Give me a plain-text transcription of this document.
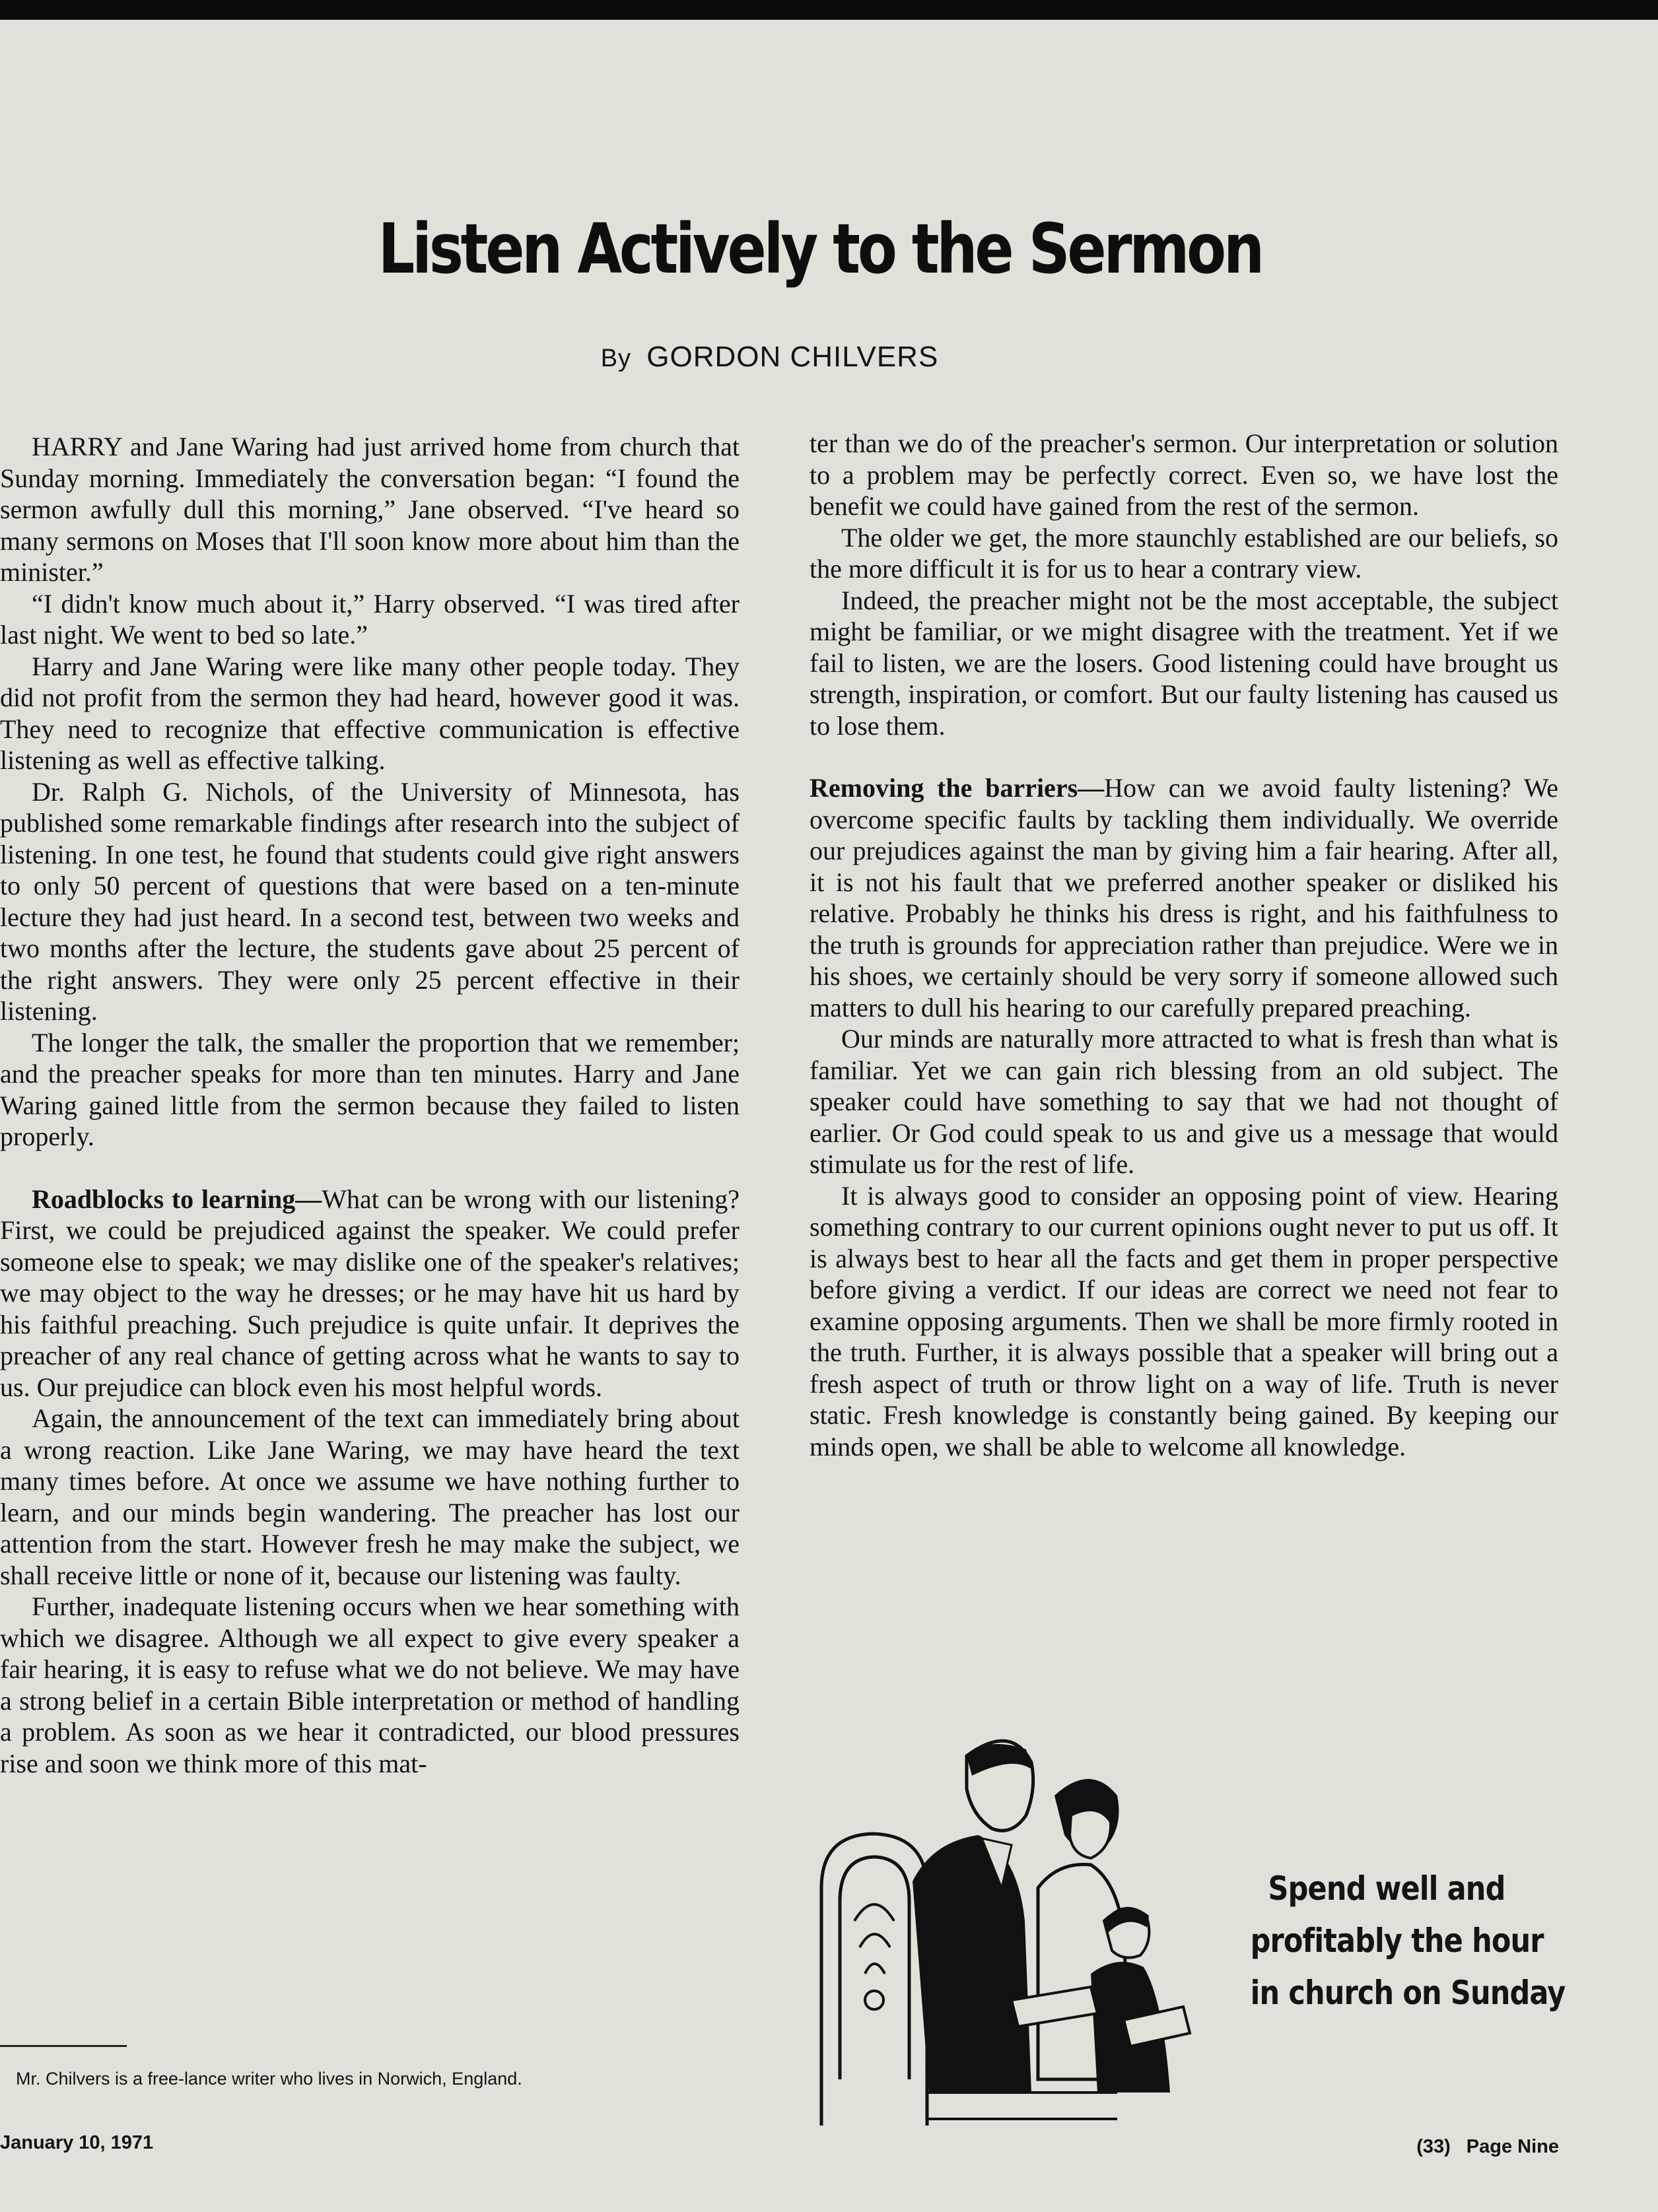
Listen Actively to the Sermon
By GORDON CHILVERS

HARRY and Jane Waring had just arrived home from church that Sunday morning. Immediately the conversation began: “I found the sermon awfully dull this morning,” Jane observed. “I've heard so many sermons on Moses that I'll soon know more about him than the minister.”

“I didn't know much about it,” Harry observed. “I was tired after last night. We went to bed so late.”

Harry and Jane Waring were like many other people today. They did not profit from the sermon they had heard, however good it was. They need to recognize that effective communication is effective listening as well as effective talking.

Dr. Ralph G. Nichols, of the University of Minnesota, has published some remarkable findings after research into the subject of listening. In one test, he found that students could give right answers to only 50 percent of questions that were based on a ten-minute lecture they had just heard. In a second test, between two weeks and two months after the lecture, the students gave about 25 percent of the right answers. They were only 25 percent effective in their listening.

The longer the talk, the smaller the proportion that we remember; and the preacher speaks for more than ten minutes. Harry and Jane Waring gained little from the sermon because they failed to listen properly.

Roadblocks to learning—What can be wrong with our listening? First, we could be prejudiced against the speaker. We could prefer someone else to speak; we may dislike one of the speaker's relatives; we may object to the way he dresses; or he may have hit us hard by his faithful preaching. Such prejudice is quite unfair. It deprives the preacher of any real chance of getting across what he wants to say to us. Our prejudice can block even his most helpful words.

Again, the announcement of the text can immediately bring about a wrong reaction. Like Jane Waring, we may have heard the text many times before. At once we assume we have nothing further to learn, and our minds begin wandering. The preacher has lost our attention from the start. However fresh he may make the subject, we shall receive little or none of it, because our listening was faulty.

Further, inadequate listening occurs when we hear something with which we disagree. Although we all expect to give every speaker a fair hearing, it is easy to refuse what we do not believe. We may have a strong belief in a certain Bible interpretation or method of handling a problem. As soon as we hear it contradicted, our blood pressures rise and soon we think more of this mat-

ter than we do of the preacher's sermon. Our interpretation or solution to a problem may be perfectly correct. Even so, we have lost the benefit we could have gained from the rest of the sermon.

The older we get, the more staunchly established are our beliefs, so the more difficult it is for us to hear a contrary view.

Indeed, the preacher might not be the most acceptable, the subject might be familiar, or we might disagree with the treatment. Yet if we fail to listen, we are the losers. Good listening could have brought us strength, inspiration, or comfort. But our faulty listening has caused us to lose them.

Removing the barriers—How can we avoid faulty listening? We overcome specific faults by tackling them individually. We override our prejudices against the man by giving him a fair hearing. After all, it is not his fault that we preferred another speaker or disliked his relative. Probably he thinks his dress is right, and his faithfulness to the truth is grounds for appreciation rather than prejudice. Were we in his shoes, we certainly should be very sorry if someone allowed such matters to dull his hearing to our carefully prepared preaching.

Our minds are naturally more attracted to what is fresh than what is familiar. Yet we can gain rich blessing from an old subject. The speaker could have something to say that we had not thought of earlier. Or God could speak to us and give us a message that would stimulate us for the rest of life.

It is always good to consider an opposing point of view. Hearing something contrary to our current opinions ought never to put us off. It is always best to hear all the facts and get them in proper perspective before giving a verdict. If our ideas are correct we need not fear to examine opposing arguments. Then we shall be more firmly rooted in the truth. Further, it is always possible that a speaker will bring out a fresh aspect of truth or throw light on a way of life. Truth is never static. Fresh knowledge is constantly being gained. By keeping our minds open, we shall be able to welcome all knowledge.

Spend well and
profitably the hour
in church on Sunday
Mr. Chilvers is a free-lance writer who lives in Norwich, England.
January 10, 1971	(33) Page Nine
